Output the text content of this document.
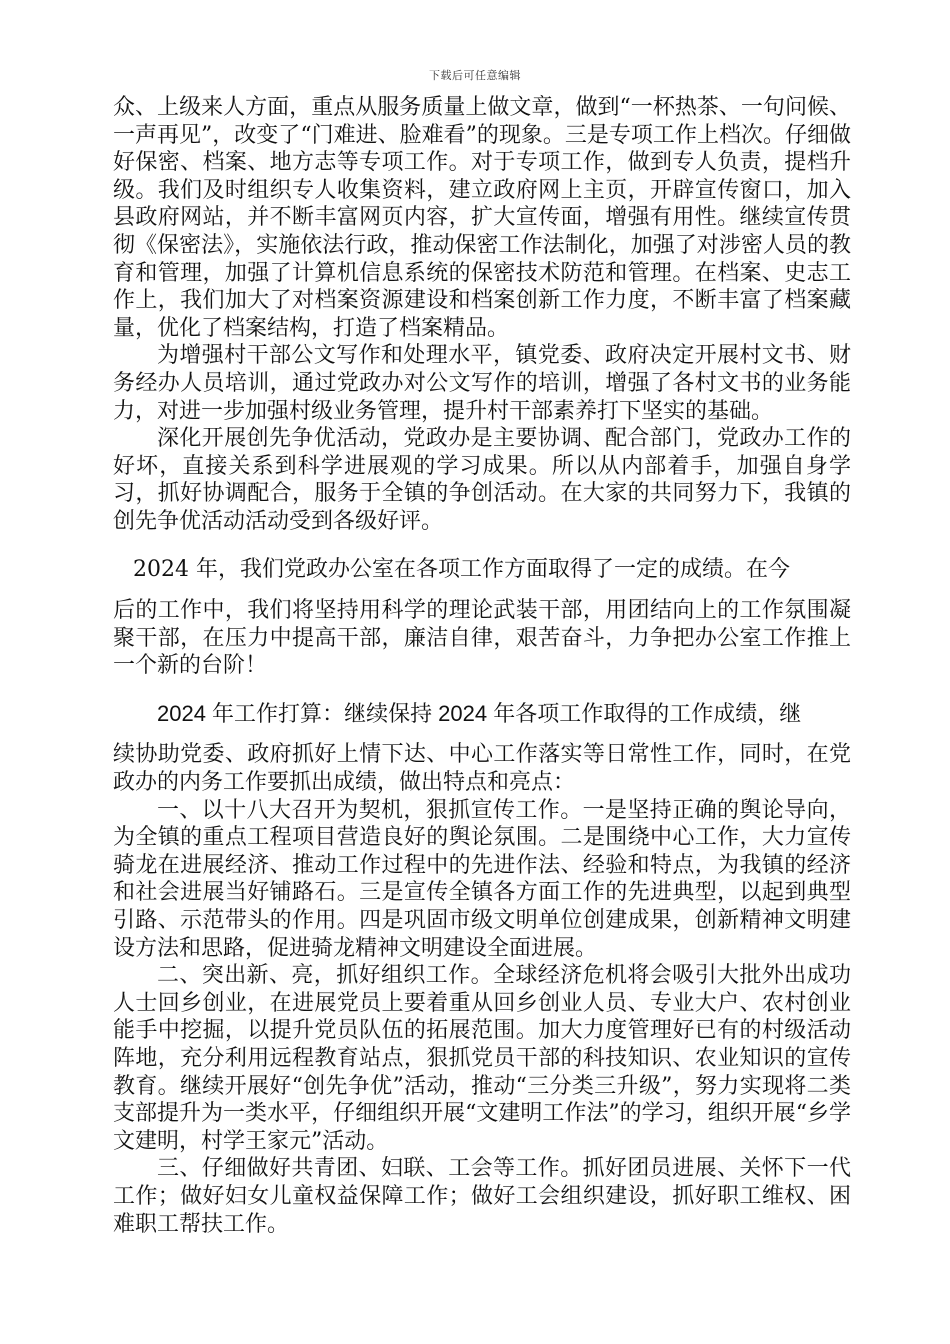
下载后可任意编辑

众、上级来人方面，重点从服务质量上做文章，做到“一杯热茶、一句问候、一声再见”，改变了“门难进、脸难看”的现象。三是专项工作上档次。仔细做好保密、档案、地方志等专项工作。对于专项工作，做到专人负责，提档升级。我们及时组织专人收集资料，建立政府网上主页，开辟宣传窗口，加入县政府网站，并不断丰富网页内容，扩大宣传面，增强有用性。继续宣传贯彻《保密法》，实施依法行政，推动保密工作法制化，加强了对涉密人员的教育和管理，加强了计算机信息系统的保密技术防范和管理。在档案、史志工作上，我们加大了对档案资源建设和档案创新工作力度，不断丰富了档案藏量，优化了档案结构，打造了档案精品。

为增强村干部公文写作和处理水平，镇党委、政府决定开展村文书、财务经办人员培训，通过党政办对公文写作的培训，增强了各村文书的业务能力，对进一步加强村级业务管理，提升村干部素养打下坚实的基础。

深化开展创先争优活动，党政办是主要协调、配合部门，党政办工作的好坏，直接关系到科学进展观的学习成果。所以从内部着手，加强自身学习，抓好协调配合，服务于全镇的争创活动。在大家的共同努力下，我镇的创先争优活动活动受到各级好评。

2024 年，我们党政办公室在各项工作方面取得了一定的成绩。在今

后的工作中，我们将坚持用科学的理论武装干部，用团结向上的工作氛围凝聚干部，在压力中提高干部，廉洁自律，艰苦奋斗，力争把办公室工作推上一个新的台阶！

2024 年工作打算：继续保持 2024 年各项工作取得的工作成绩，继

续协助党委、政府抓好上情下达、中心工作落实等日常性工作，同时，在党政办的内务工作要抓出成绩，做出特点和亮点：

一、以十八大召开为契机，狠抓宣传工作。一是坚持正确的舆论导向，为全镇的重点工程项目营造良好的舆论氛围。二是围绕中心工作，大力宣传骑龙在进展经济、推动工作过程中的先进作法、经验和特点，为我镇的经济和社会进展当好铺路石。三是宣传全镇各方面工作的先进典型，以起到典型引路、示范带头的作用。四是巩固市级文明单位创建成果，创新精神文明建设方法和思路，促进骑龙精神文明建设全面进展。

二、突出新、亮，抓好组织工作。全球经济危机将会吸引大批外出成功人士回乡创业，在进展党员上要着重从回乡创业人员、专业大户、农村创业能手中挖掘，以提升党员队伍的拓展范围。加大力度管理好已有的村级活动阵地，充分利用远程教育站点，狠抓党员干部的科技知识、农业知识的宣传教育。继续开展好“创先争优”活动，推动“三分类三升级”，努力实现将二类支部提升为一类水平，仔细组织开展“文建明工作法”的学习，组织开展“乡学文建明，村学王家元”活动。

三、仔细做好共青团、妇联、工会等工作。抓好团员进展、关怀下一代工作；做好妇女儿童权益保障工作；做好工会组织建设，抓好职工维权、困难职工帮扶工作。
